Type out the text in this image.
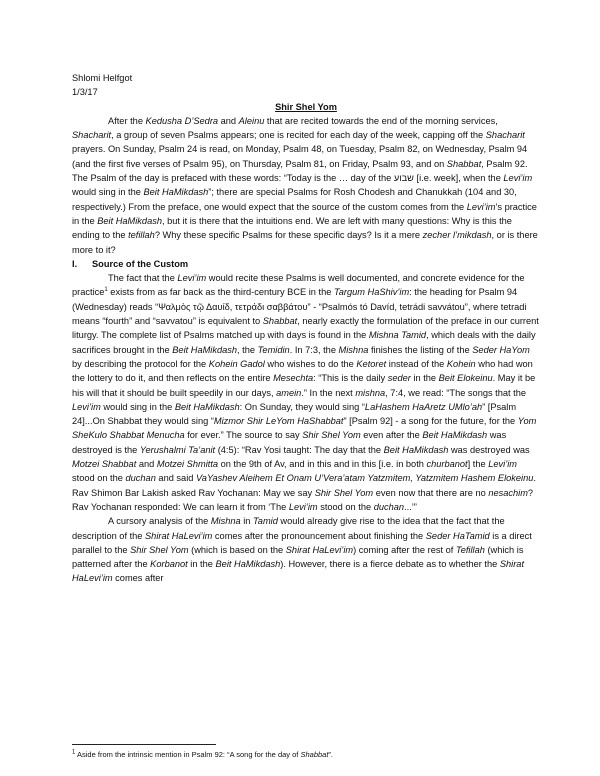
Shlomi Helfgot

1/3/17

Shir Shel Yom

After the Kedusha D’Sedra and Aleinu that are recited towards the end of the morning services, Shacharit, a group of seven Psalms appears; one is recited for each day of the week, capping off the Shacharit prayers. On Sunday, Psalm 24 is read, on Monday, Psalm 48, on Tuesday, Psalm 82, on Wednesday, Psalm 94 (and the first five verses of Psalm 95), on Thursday, Psalm 81, on Friday, Psalm 93, and on Shabbat, Psalm 92. The Psalm of the day is prefaced with these words: “Today is the … day of the שבוע [i.e. week], when the Levi’im would sing in the Beit HaMikdash”; there are special Psalms for Rosh Chodesh and Chanukkah (104 and 30, respectively.) From the preface, one would expect that the source of the custom comes from the Levi’im’s practice in the Beit HaMikdash, but it is there that the intuitions end. We are left with many questions: Why is this the ending to the tefillah? Why these specific Psalms for these specific days? Is it a mere zecher l’mikdash, or is there more to it?

I.	Source of the Custom

The fact that the Levi’im would recite these Psalms is well documented, and concrete evidence for the practice$^1$ exists from as far back as the third-century BCE in the Targum HaShiv’im: the heading for Psalm 94 (Wednesday) reads “Ψαλμὸς τῷ Δαυίδ, τετράδι σαββάτου” - “Psalmós tó Davíd, tetrádi savvátou”, where tetradi means “fourth” and “savvatou” is equivalent to Shabbat, nearly exactly the formulation of the preface in our current liturgy. The complete list of Psalms matched up with days is found in the Mishna Tamid, which deals with the daily sacrifices brought in the Beit HaMikdash, the Temidin. In 7:3, the Mishna finishes the listing of the Seder HaYom by describing the protocol for the Kohein Gadol who wishes to do the Ketoret instead of the Kohein who had won the lottery to do it, and then reflects on the entire Mesechta: “This is the daily seder in the Beit Elokeinu. May it be his will that it should be built speedily in our days, amein.” In the next mishna, 7:4, we read: “The songs that the Levi’im would sing in the Beit HaMikdash: On Sunday, they would sing “LaHashem HaAretz UMlo’ah” [Psalm 24]...On Shabbat they would sing “Mizmor Shir LeYom HaShabbat” [Psalm 92] - a song for the future, for the Yom SheKulo Shabbat Menucha for ever.” The source to say Shir Shel Yom even after the Beit HaMikdash was destroyed is the Yerushalmi Ta’anit (4:5): “Rav Yosi taught: The day that the Beit HaMikdash was destroyed was Motzei Shabbat and Motzei Shmitta on the 9th of Av, and in this and in this [i.e. in both churbanot] the Levi’im stood on the duchan and said VaYashev Aleihem Et Onam U’Vera’atam Yatzmitem, Yatzmitem Hashem Elokeinu. Rav Shimon Bar Lakish asked Rav Yochanan: May we say Shir Shel Yom even now that there are no nesachim? Rav Yochanan responded: We can learn it from ‘The Levi’im stood on the duchan...’”

A cursory analysis of the Mishna in Tamid would already give rise to the idea that the fact that the description of the Shirat HaLevi’im comes after the pronouncement about finishing the Seder HaTamid is a direct parallel to the Shir Shel Yom (which is based on the Shirat HaLevi’im) coming after the rest of Tefillah (which is patterned after the Korbanot in the Beit HaMikdash). However, there is a fierce debate as to whether the Shirat HaLevi’im comes after

$^1$ Aside from the intrinsic mention in Psalm 92: “A song for the day of Shabbat”.
